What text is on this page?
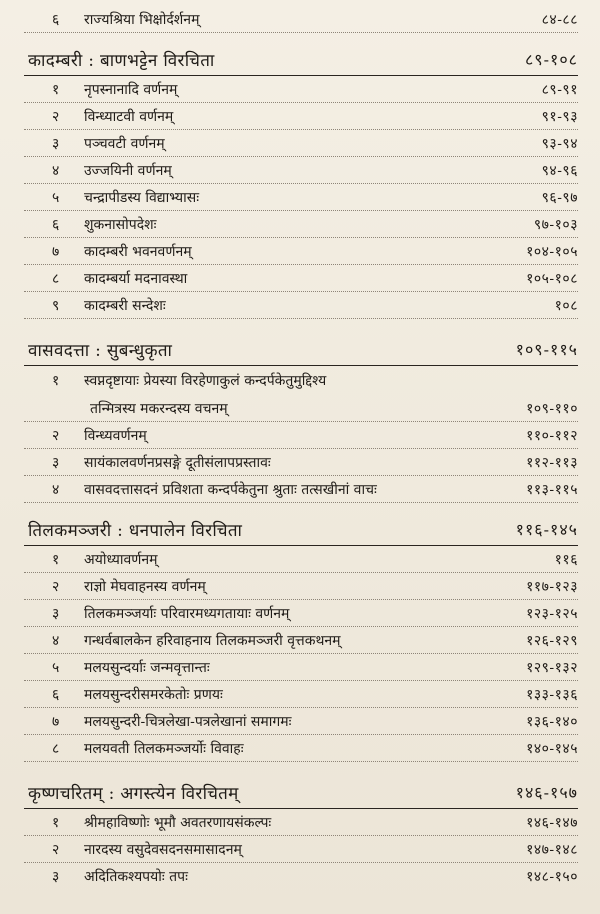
६	राज्यश्रिया भिक्षोर्दर्शनम्	८४-८८
कादम्बरी : बाणभट्टेन विरचिता	८९-१०८
१	नृपस्नानादि वर्णनम्	८९-९१
२	विन्ध्याटवी वर्णनम्	९१-९३
३	पञ्चवटी वर्णनम्	९३-९४
४	उज्जयिनी वर्णनम्	९४-९६
५	चन्द्रापीडस्य विद्याभ्यासः	९६-९७
६	शुकनासोपदेशः	९७-१०३
७	कादम्बरी भवनवर्णनम्	१०४-१०५
८	कादम्बर्या मदनावस्था	१०५-१०८
९	कादम्बरी सन्देशः	१०८
वासवदत्ता : सुबन्धुकृता	१०९-११५
१	स्वप्नदृष्टायाः प्रेयस्या विरहेणाकुलं कन्दर्पकेतुमुद्दिश्य
तन्मित्रस्य मकरन्दस्य वचनम्	१०९-११०
२	विन्ध्यवर्णनम्	११०-११२
३	सायंकालवर्णनप्रसङ्गे दूतीसंलापप्रस्तावः	११२-११३
४	वासवदत्तासदनं प्रविशता कन्दर्पकेतुना श्रुताः तत्सखीनां वाचः	११३-११५
तिलकमञ्जरी : धनपालेन विरचिता	११६-१४५
१	अयोध्यावर्णनम्	११६
२	राज्ञो मेघवाहनस्य वर्णनम्	११७-१२३
३	तिलकमञ्जर्याः परिवारमध्यगतायाः वर्णनम्	१२३-१२५
४	गन्धर्वबालकेन हरिवाहनाय तिलकमञ्जरी वृत्तकथनम्	१२६-१२९
५	मलयसुन्दर्याः जन्मवृत्तान्तः	१२९-१३२
६	मलयसुन्दरीसमरकेतोः प्रणयः	१३३-१३६
७	मलयसुन्दरी-चित्रलेखा-पत्रलेखानां समागमः	१३६-१४०
८	मलयवती तिलकमञ्जर्योः विवाहः	१४०-१४५
कृष्णचरितम् : अगस्त्येन विरचितम्	१४६-१५७
१	श्रीमहाविष्णोः भूमौ अवतरणायसंकल्पः	१४६-१४७
२	नारदस्य वसुदेवसदनसमासादनम्	१४७-१४८
३	अदितिकश्यपयोः तपः	१४८-१५०
